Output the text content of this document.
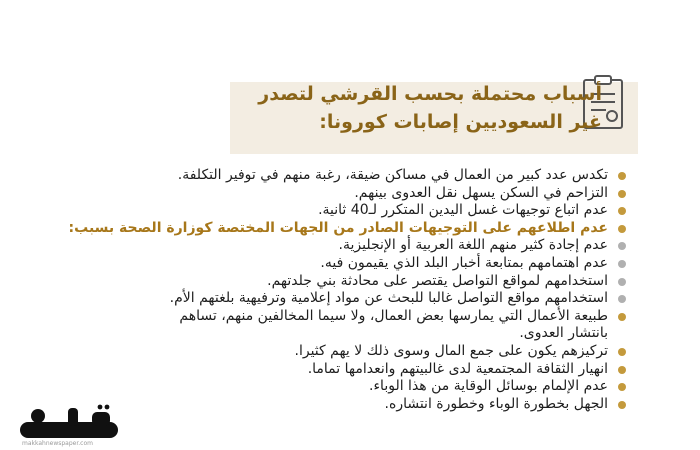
أسباب محتملة بحسب القرشي لتصدر
غير السعوديين إصابات كورونا:
تكدس عدد كبير من العمال في مساكن ضيقة، رغبة منهم في توفير التكلفة.
التزاحم في السكن يسهل نقل العدوى بينهم.
عدم اتباع توجيهات غسل اليدين المتكرر لـ40 ثانية.
عدم اطلاعهم على التوجيهات الصادر من الجهات المختصة كوزارة الصحة بسبب:
عدم إجادة كثير منهم اللغة العربية أو الإنجليزية.
عدم اهتمامهم بمتابعة أخبار البلد الذي يقيمون فيه.
استخدامهم لمواقع التواصل يقتصر على محادثة بني جلدتهم.
استخدامهم مواقع التواصل غالبا للبحث عن مواد إعلامية وترفيهية بلغتهم الأم.
طبيعة الأعمال التي يمارسها بعض العمال، ولا سيما المخالفين منهم، تساهم بانتشار العدوى.
تركيزهم يكون على جمع المال وسوى ذلك لا يهم كثيرا.
انهيار الثقافة المجتمعية لدى غالبيتهم وانعدامها تماما.
عدم الإلمام بوسائل الوقاية من هذا الوباء.
الجهل بخطورة الوباء وخطورة انتشاره.
makkahnewspaper.com
